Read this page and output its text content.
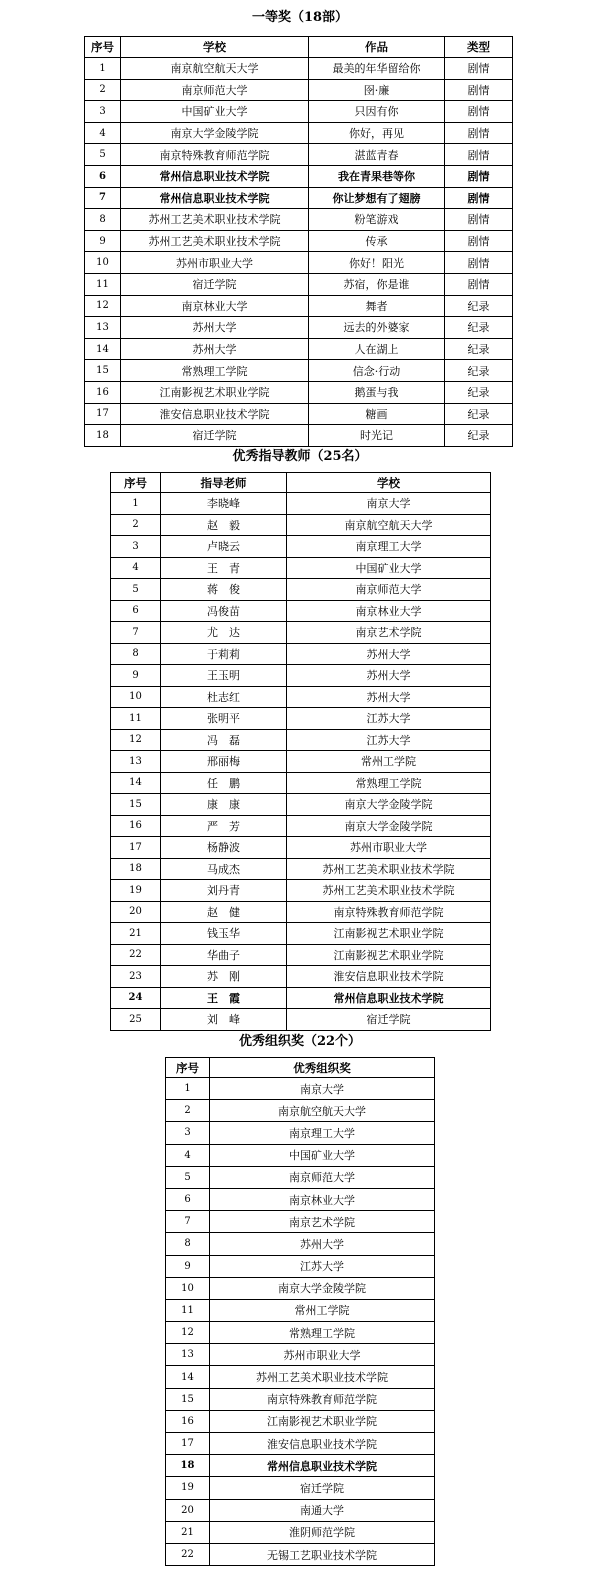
一等奖（18部）
序号	学校	作品	类型
1	南京航空航天大学	最美的年华留给你	剧情
2	南京师范大学	囹·廉	剧情
3	中国矿业大学	只因有你	剧情
4	南京大学金陵学院	你好，再见	剧情
5	南京特殊教育师范学院	湛蓝青春	剧情
6	常州信息职业技术学院	我在青果巷等你	剧情
7	常州信息职业技术学院	你让梦想有了翅膀	剧情
8	苏州工艺美术职业技术学院	粉笔游戏	剧情
9	苏州工艺美术职业技术学院	传承	剧情
10	苏州市职业大学	你好！阳光	剧情
11	宿迁学院	苏宿，你是谁	剧情
12	南京林业大学	舞者	纪录
13	苏州大学	远去的外婆家	纪录
14	苏州大学	人在湖上	纪录
15	常熟理工学院	信念·行动	纪录
16	江南影视艺术职业学院	鹅蛋与我	纪录
17	淮安信息职业技术学院	糖画	纪录
18	宿迁学院	时光记	纪录
优秀指导教师（25名）
序号	指导老师	学校
1	李晓峰	南京大学
2	赵　毅	南京航空航天大学
3	卢晓云	南京理工大学
4	王　青	中国矿业大学
5	蒋　俊	南京师范大学
6	冯俊苗	南京林业大学
7	尤　达	南京艺术学院
8	于莉莉	苏州大学
9	王玉明	苏州大学
10	杜志红	苏州大学
11	张明平	江苏大学
12	冯　磊	江苏大学
13	邢丽梅	常州工学院
14	任　鹏	常熟理工学院
15	康　康	南京大学金陵学院
16	严　芳	南京大学金陵学院
17	杨静波	苏州市职业大学
18	马成杰	苏州工艺美术职业技术学院
19	刘丹青	苏州工艺美术职业技术学院
20	赵　健	南京特殊教育师范学院
21	钱玉华	江南影视艺术职业学院
22	华曲子	江南影视艺术职业学院
23	苏　刚	淮安信息职业技术学院
24	王　霞	常州信息职业技术学院
25	刘　峰	宿迁学院
优秀组织奖（22个）
序号	优秀组织奖
1	南京大学
2	南京航空航天大学
3	南京理工大学
4	中国矿业大学
5	南京师范大学
6	南京林业大学
7	南京艺术学院
8	苏州大学
9	江苏大学
10	南京大学金陵学院
11	常州工学院
12	常熟理工学院
13	苏州市职业大学
14	苏州工艺美术职业技术学院
15	南京特殊教育师范学院
16	江南影视艺术职业学院
17	淮安信息职业技术学院
18	常州信息职业技术学院
19	宿迁学院
20	南通大学
21	淮阴师范学院
22	无锡工艺职业技术学院
